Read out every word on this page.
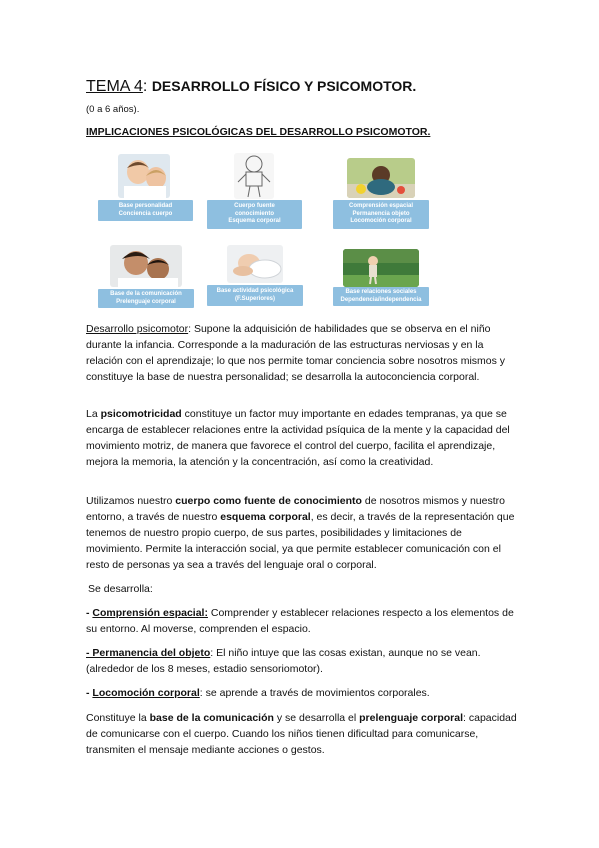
TEMA 4: DESARROLLO FÍSICO Y PSICOMOTOR.
(0 a 6 años).
IMPLICACIONES PSICOLÓGICAS DEL DESARROLLO PSICOMOTOR.
Base personalidad
Conciencia cuerpo
Cuerpo fuente
conocimiento
Esquema corporal
Comprensión espacial
Permanencia objeto
Locomoción corporal
Base de la comunicación
Prelenguaje corporal
Base actividad psicológica
(F.Superiores)
Base relaciones sociales
Dependencia/independencia

Desarrollo psicomotor: Supone la adquisición de habilidades que se observa en el niño durante la infancia. Corresponde a la maduración de las estructuras nerviosas y en la relación con el aprendizaje; lo que nos permite tomar conciencia sobre nosotros mismos y constituye la base de nuestra personalidad; se desarrolla la autoconciencia corporal.

La psicomotricidad constituye un factor muy importante en edades tempranas, ya que se encarga de establecer relaciones entre la actividad psíquica de la mente y la capacidad del movimiento motriz, de manera que favorece el control del cuerpo, facilita el aprendizaje, mejora la memoria, la atención y la concentración, así como la creatividad.

Utilizamos nuestro cuerpo como fuente de conocimiento de nosotros mismos y nuestro entorno, a través de nuestro esquema corporal, es decir, a través de la representación que tenemos de nuestro propio cuerpo, de sus partes, posibilidades y limitaciones de movimiento. Permite la interacción social, ya que permite establecer comunicación con el resto de personas ya sea a través del lenguaje oral o corporal.

Se desarrolla:

- Comprensión espacial: Comprender y establecer relaciones respecto a los elementos de su entorno. Al moverse, comprenden el espacio.

- Permanencia del objeto: El niño intuye que las cosas existan, aunque no se vean. (alrededor de los 8 meses, estadio sensoriomotor).

- Locomoción corporal: se aprende a través de movimientos corporales.

Constituye la base de la comunicación y se desarrolla el prelenguaje corporal: capacidad de comunicarse con el cuerpo. Cuando los niños tienen dificultad para comunicarse, transmiten el mensaje mediante acciones o gestos.
